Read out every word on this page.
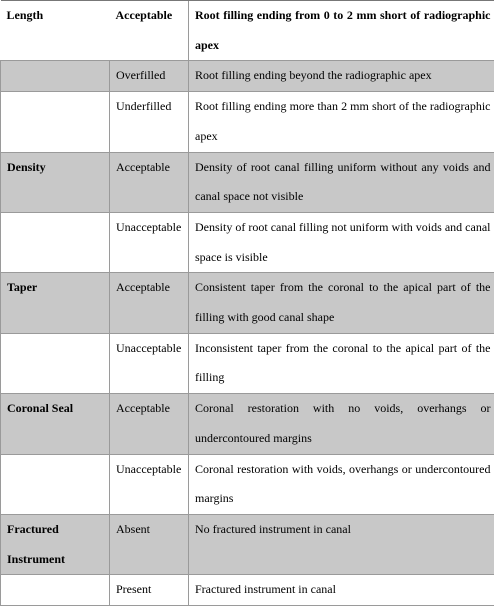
Length	Acceptable	Root filling ending from 0 to 2 mm short of radiographic apex
	Overfilled	Root filling ending beyond the radiographic apex
	Underfilled	Root filling ending more than 2 mm short of the radiographic apex
Density	Acceptable	Density of root canal filling uniform without any voids and canal space not visible
	Unacceptable	Density of root canal filling not uniform with voids and canal space is visible
Taper	Acceptable	Consistent taper from the coronal to the apical part of the filling with good canal shape
	Unacceptable	Inconsistent taper from the coronal to the apical part of the filling
Coronal Seal	Acceptable	Coronal restoration with no voids, overhangs or undercontoured margins
	Unacceptable	Coronal restoration with voids, overhangs or undercontoured margins
Fractured Instrument	Absent	No fractured instrument in canal
	Present	Fractured instrument in canal
